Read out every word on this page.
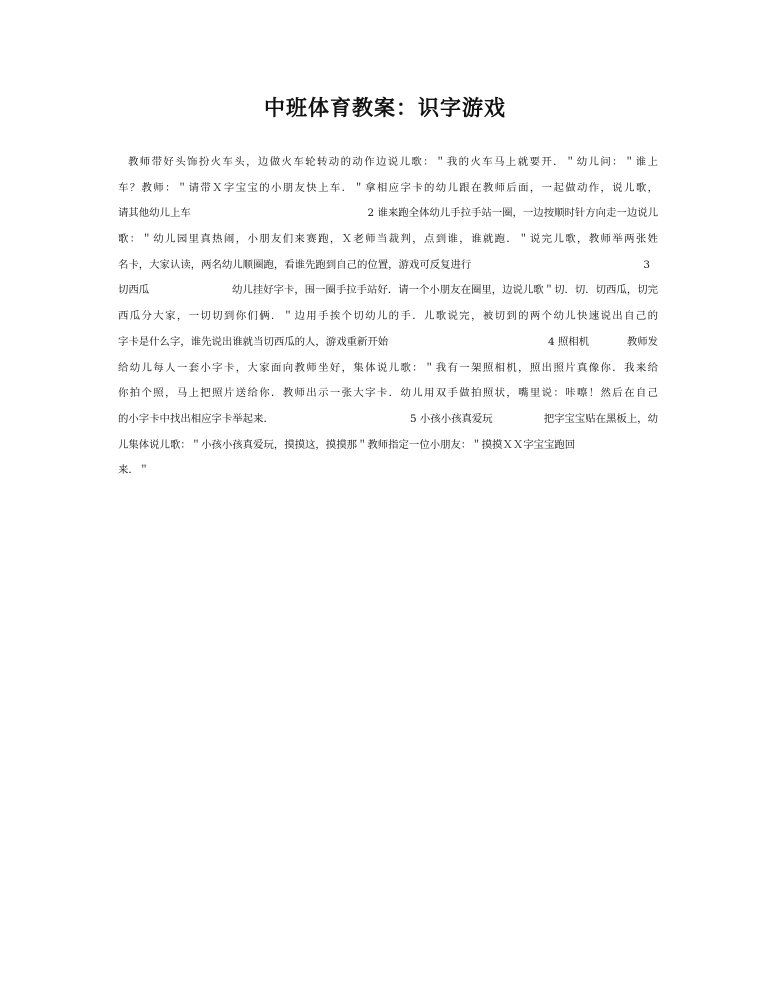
中班体育教案：识字游戏
教师带好头饰扮火车头，边做火车轮转动的动作边说儿歌：＂我的火车马上就要开．＂幼儿问：＂谁上
车？教师：＂请带Ｘ字宝宝的小朋友快上车．＂拿相应字卡的幼儿跟在教师后面，一起做动作，说儿歌，
请其他幼儿上车	2 谁来跑全体幼儿手拉手站一圈，一边按顺时针方向走一边说儿
歌：＂幼儿园里真热闹，小朋友们来赛跑，Ｘ老师当裁判，点到谁，谁就跑．＂说完儿歌，教师举两张姓
名卡，大家认读，两名幼儿顺圈跑，看谁先跑到自己的位置，游戏可反复进行	3
切西瓜	幼儿挂好字卡，围一圈手拉手站好．请一个小朋友在圈里，边说儿歌＂切．切．切西瓜，切完
西瓜分大家，一切切到你们俩．＂边用手挨个切幼儿的手．儿歌说完，被切到的两个幼儿快速说出自己的
字卡是什么字，谁先说出谁就当切西瓜的人，游戏重新开始	4 照相机	教师发
给幼儿每人一套小字卡，大家面向教师坐好，集体说儿歌：＂我有一架照相机，照出照片真像你．我来给
你拍个照，马上把照片送给你．教师出示一张大字卡．幼儿用双手做拍照状，嘴里说：咔嚓！然后在自己
的小字卡中找出相应字卡举起来．	5 小孩小孩真爱玩	把字宝宝贴在黑板上，幼
儿集体说儿歌：＂小孩小孩真爱玩，摸摸这，摸摸那＂教师指定一位小朋友：＂摸摸ＸＸ字宝宝跑回
来．＂
